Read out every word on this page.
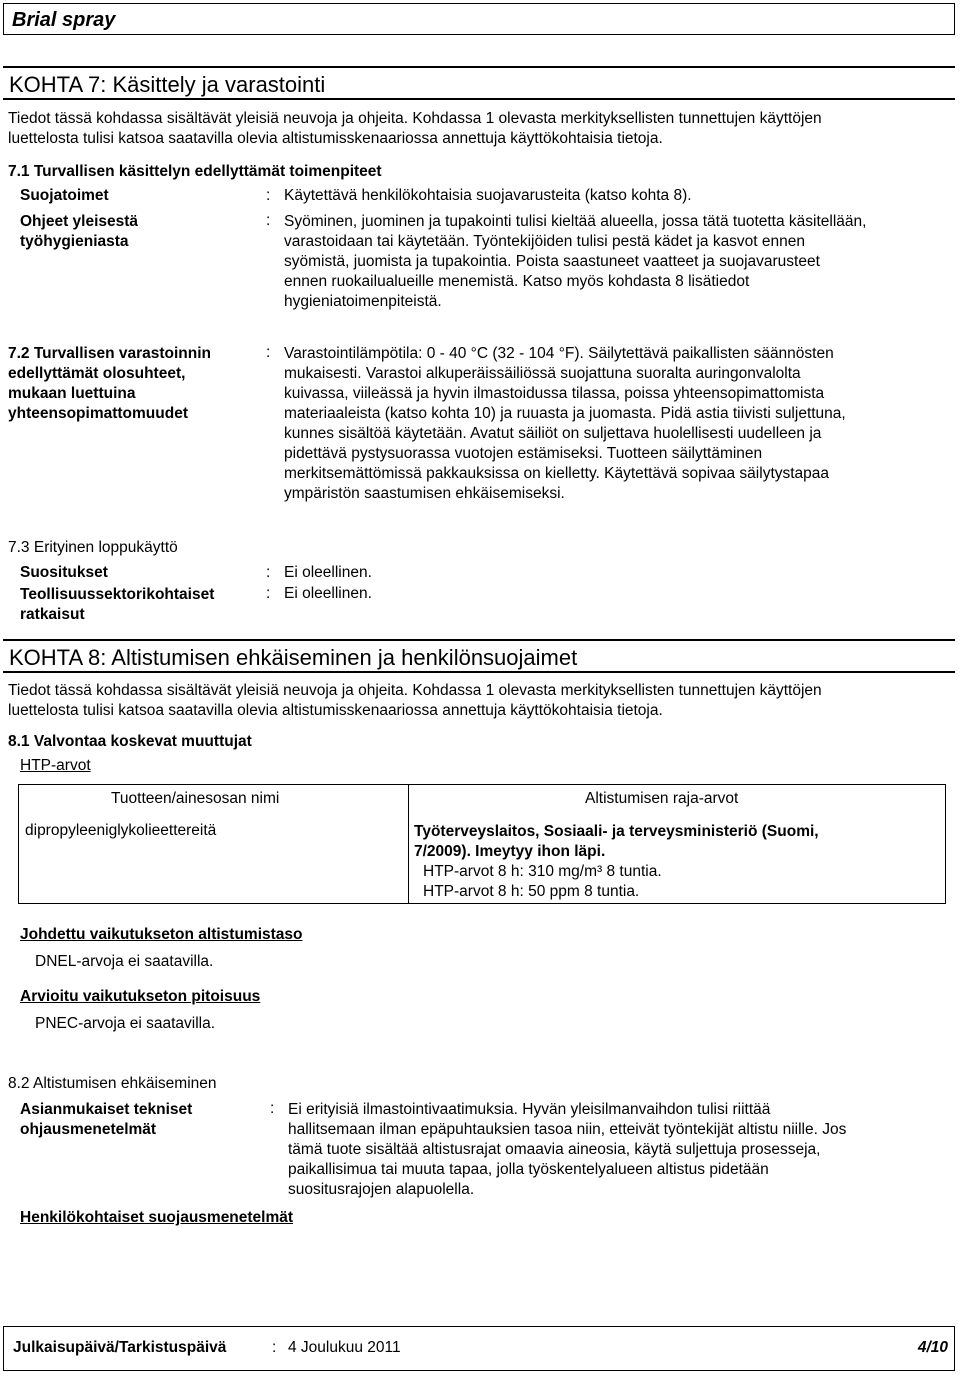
Brial spray
KOHTA 7: Käsittely ja varastointi
Tiedot tässä kohdassa sisältävät yleisiä neuvoja ja ohjeita. Kohdassa 1 olevasta merkityksellisten tunnettujen käyttöjen
luettelosta tulisi katsoa saatavilla olevia altistumisskenaariossa annettuja käyttökohtaisia tietoja.
7.1 Turvallisen käsittelyn edellyttämät toimenpiteet
Suojatoimet	: Käytettävä henkilökohtaisia suojavarusteita (katso kohta 8).
Ohjeet yleisestä
työhygieniasta
: Syöminen, juominen ja tupakointi tulisi kieltää alueella, jossa tätä tuotetta käsitellään,
varastoidaan tai käytetään. Työntekijöiden tulisi pestä kädet ja kasvot ennen
syömistä, juomista ja tupakointia. Poista saastuneet vaatteet ja suojavarusteet
ennen ruokailualueille menemistä. Katso myös kohdasta 8 lisätiedot
hygieniatoimenpiteistä.
7.2 Turvallisen varastoinnin
edellyttämät olosuhteet,
mukaan luettuina
yhteensopimattomuudet
: Varastointilämpötila: 0 - 40 °C (32 - 104 °F). Säilytettävä paikallisten säännösten
mukaisesti. Varastoi alkuperäissäiliössä suojattuna suoralta auringonvalolta
kuivassa, viileässä ja hyvin ilmastoidussa tilassa, poissa yhteensopimattomista
materiaaleista (katso kohta 10) ja ruuasta ja juomasta. Pidä astia tiivisti suljettuna,
kunnes sisältöä käytetään. Avatut säiliöt on suljettava huolellisesti uudelleen ja
pidettävä pystysuorassa vuotojen estämiseksi. Tuotteen säilyttäminen
merkitsemättömissä pakkauksissa on kielletty. Käytettävä sopivaa säilytystapaa
ympäristön saastumisen ehkäisemiseksi.
7.3 Erityinen loppukäyttö
Suositukset	: Ei oleellinen.
Teollisuussektorikohtaiset
ratkaisut
: Ei oleellinen.
KOHTA 8: Altistumisen ehkäiseminen ja henkilönsuojaimet
Tiedot tässä kohdassa sisältävät yleisiä neuvoja ja ohjeita. Kohdassa 1 olevasta merkityksellisten tunnettujen käyttöjen
luettelosta tulisi katsoa saatavilla olevia altistumisskenaariossa annettuja käyttökohtaisia tietoja.
8.1 Valvontaa koskevat muuttujat
HTP-arvot
Tuotteen/ainesosan nimi	Altistumisen raja-arvot
dipropyleeniglykolieettereitä	Työterveyslaitos, Sosiaali- ja terveysministeriö (Suomi,
7/2009). Imeytyy ihon läpi.
HTP-arvot 8 h: 310 mg/m³ 8 tuntia.
HTP-arvot 8 h: 50 ppm 8 tuntia.
Johdettu vaikutukseton altistumistaso
DNEL-arvoja ei saatavilla.
Arvioitu vaikutukseton pitoisuus
PNEC-arvoja ei saatavilla.
8.2 Altistumisen ehkäiseminen
Asianmukaiset tekniset
ohjausmenetelmät
: Ei erityisiä ilmastointivaatimuksia. Hyvän yleisilmanvaihdon tulisi riittää
hallitsemaan ilman epäpuhtauksien tasoa niin, etteivät työntekijät altistu niille. Jos
tämä tuote sisältää altistusrajat omaavia aineosia, käytä suljettuja prosesseja,
paikallisimua tai muuta tapaa, jolla työskentelyalueen altistus pidetään
suositusrajojen alapuolella.
Henkilökohtaiset suojausmenetelmät
Julkaisupäivä/Tarkistuspäivä	: 4 Joulukuu 2011	4/10
